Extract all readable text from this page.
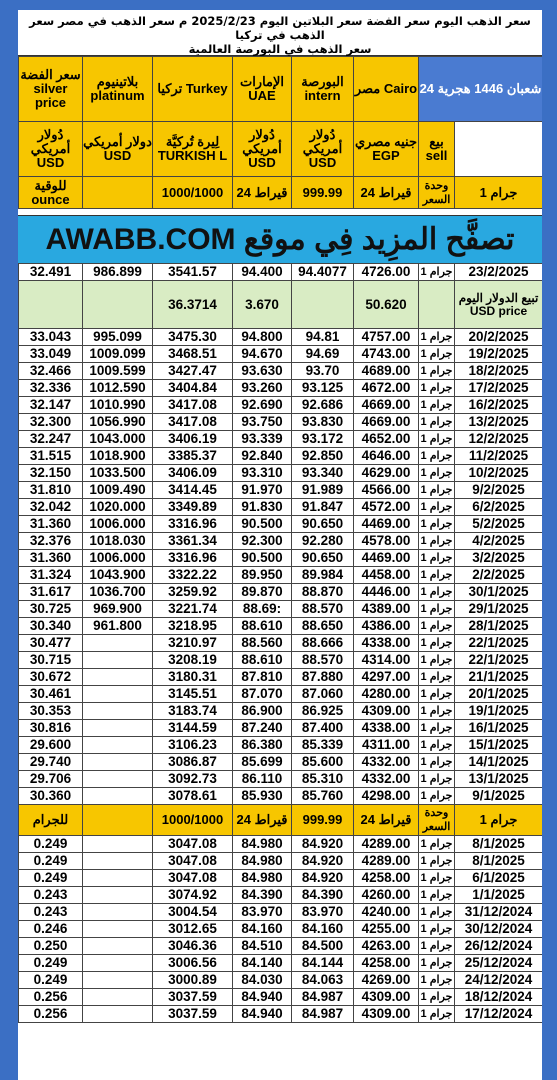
سعر الذهب اليوم سعر الفضة سعر البلاتين اليوم 2025/2/23 م سعر الذهب في مصر سعر الذهب في تركيا
سعر الذهب في البورصة العالمية
سعر الفضة silver price	بلاتينيوم platinum	تركيا Turkey	الإمارات UAE	البورصة intern	مصر Cairo	24 شعبان 1446 هجرية	
دُولار أمريكي USD	دولار أمريكي USD	لِيرة تُركيَّة TURKISH L	دُولار أمريكي USD	دُولار أمريكي USD	جنيه مصري EGP	بيع sell	
للوقية ounce		1000/1000	24 قيراط	999.99	24 قيراط	وحدة السعر	1 جرام
تصفَّح المزِيد فِي موقع AWABB.COM
32.491	986.899	3541.57	94.400	94.4077	4726.00	1 جرام	23/2/2025
		36.3714	3.670		50.620		تبيع الدولار اليوم USD price
33.043	995.099	3475.30	94.800	94.81	4757.00	1 جرام	20/2/2025
33.049	1009.099	3468.51	94.670	94.69	4743.00	1 جرام	19/2/2025
32.466	1009.599	3427.47	93.630	93.70	4689.00	1 جرام	18/2/2025
32.336	1012.590	3404.84	93.260	93.125	4672.00	1 جرام	17/2/2025
32.147	1010.990	3417.08	92.690	92.686	4669.00	1 جرام	16/2/2025
32.300	1056.990	3417.08	93.750	93.830	4669.00	1 جرام	13/2/2025
32.247	1043.000	3406.19	93.339	93.172	4652.00	1 جرام	12/2/2025
31.515	1018.900	3385.37	92.840	92.850	4646.00	1 جرام	11/2/2025
32.150	1033.500	3406.09	93.310	93.340	4629.00	1 جرام	10/2/2025
31.810	1009.490	3414.45	91.970	91.989	4566.00	1 جرام	9/2/2025
32.042	1020.000	3349.89	91.830	91.847	4572.00	1 جرام	6/2/2025
31.360	1006.000	3316.96	90.500	90.650	4469.00	1 جرام	5/2/2025
32.376	1018.030	3361.34	92.300	92.280	4578.00	1 جرام	4/2/2025
31.360	1006.000	3316.96	90.500	90.650	4469.00	1 جرام	3/2/2025
31.324	1043.900	3322.22	89.950	89.984	4458.00	1 جرام	2/2/2025
31.617	1036.700	3259.92	89.870	88.870	4446.00	1 جرام	30/1/2025
30.725	969.900	3221.74	88.69:	88.570	4389.00	1 جرام	29/1/2025
30.340	961.800	3218.95	88.610	88.650	4386.00	1 جرام	28/1/2025
30.477		3210.97	88.560	88.666	4338.00	1 جرام	22/1/2025
30.715		3208.19	88.610	88.570	4314.00	1 جرام	22/1/2025
30.672		3180.31	87.810	87.880	4297.00	1 جرام	21/1/2025
30.461		3145.51	87.070	87.060	4280.00	1 جرام	20/1/2025
30.353		3183.74	86.900	86.925	4309.00	1 جرام	19/1/2025
30.816		3144.59	87.240	87.400	4338.00	1 جرام	16/1/2025
29.600		3106.23	86.380	85.339	4311.00	1 جرام	15/1/2025
29.740		3086.87	85.699	85.600	4332.00	1 جرام	14/1/2025
29.706		3092.73	86.110	85.310	4332.00	1 جرام	13/1/2025
30.360		3078.61	85.930	85.760	4298.00	1 جرام	9/1/2025
للجرام		1000/1000	24 قيراط	999.99	24 قيراط	وحدة السعر	1 جرام
0.249		3047.08	84.980	84.920	4289.00	1 جرام	8/1/2025
0.249		3047.08	84.980	84.920	4289.00	1 جرام	8/1/2025
0.249		3047.08	84.980	84.920	4258.00	1 جرام	6/1/2025
0.243		3074.92	84.390	84.390	4260.00	1 جرام	1/1/2025
0.243		3004.54	83.970	83.970	4240.00	1 جرام	31/12/2024
0.246		3012.65	84.160	84.160	4255.00	1 جرام	30/12/2024
0.250		3046.36	84.510	84.500	4263.00	1 جرام	26/12/2024
0.249		3006.56	84.140	84.144	4258.00	1 جرام	25/12/2024
0.249		3000.89	84.030	84.063	4269.00	1 جرام	24/12/2024
0.256		3037.59	84.940	84.987	4309.00	1 جرام	18/12/2024
0.256		3037.59	84.940	84.987	4309.00	1 جرام	17/12/2024
